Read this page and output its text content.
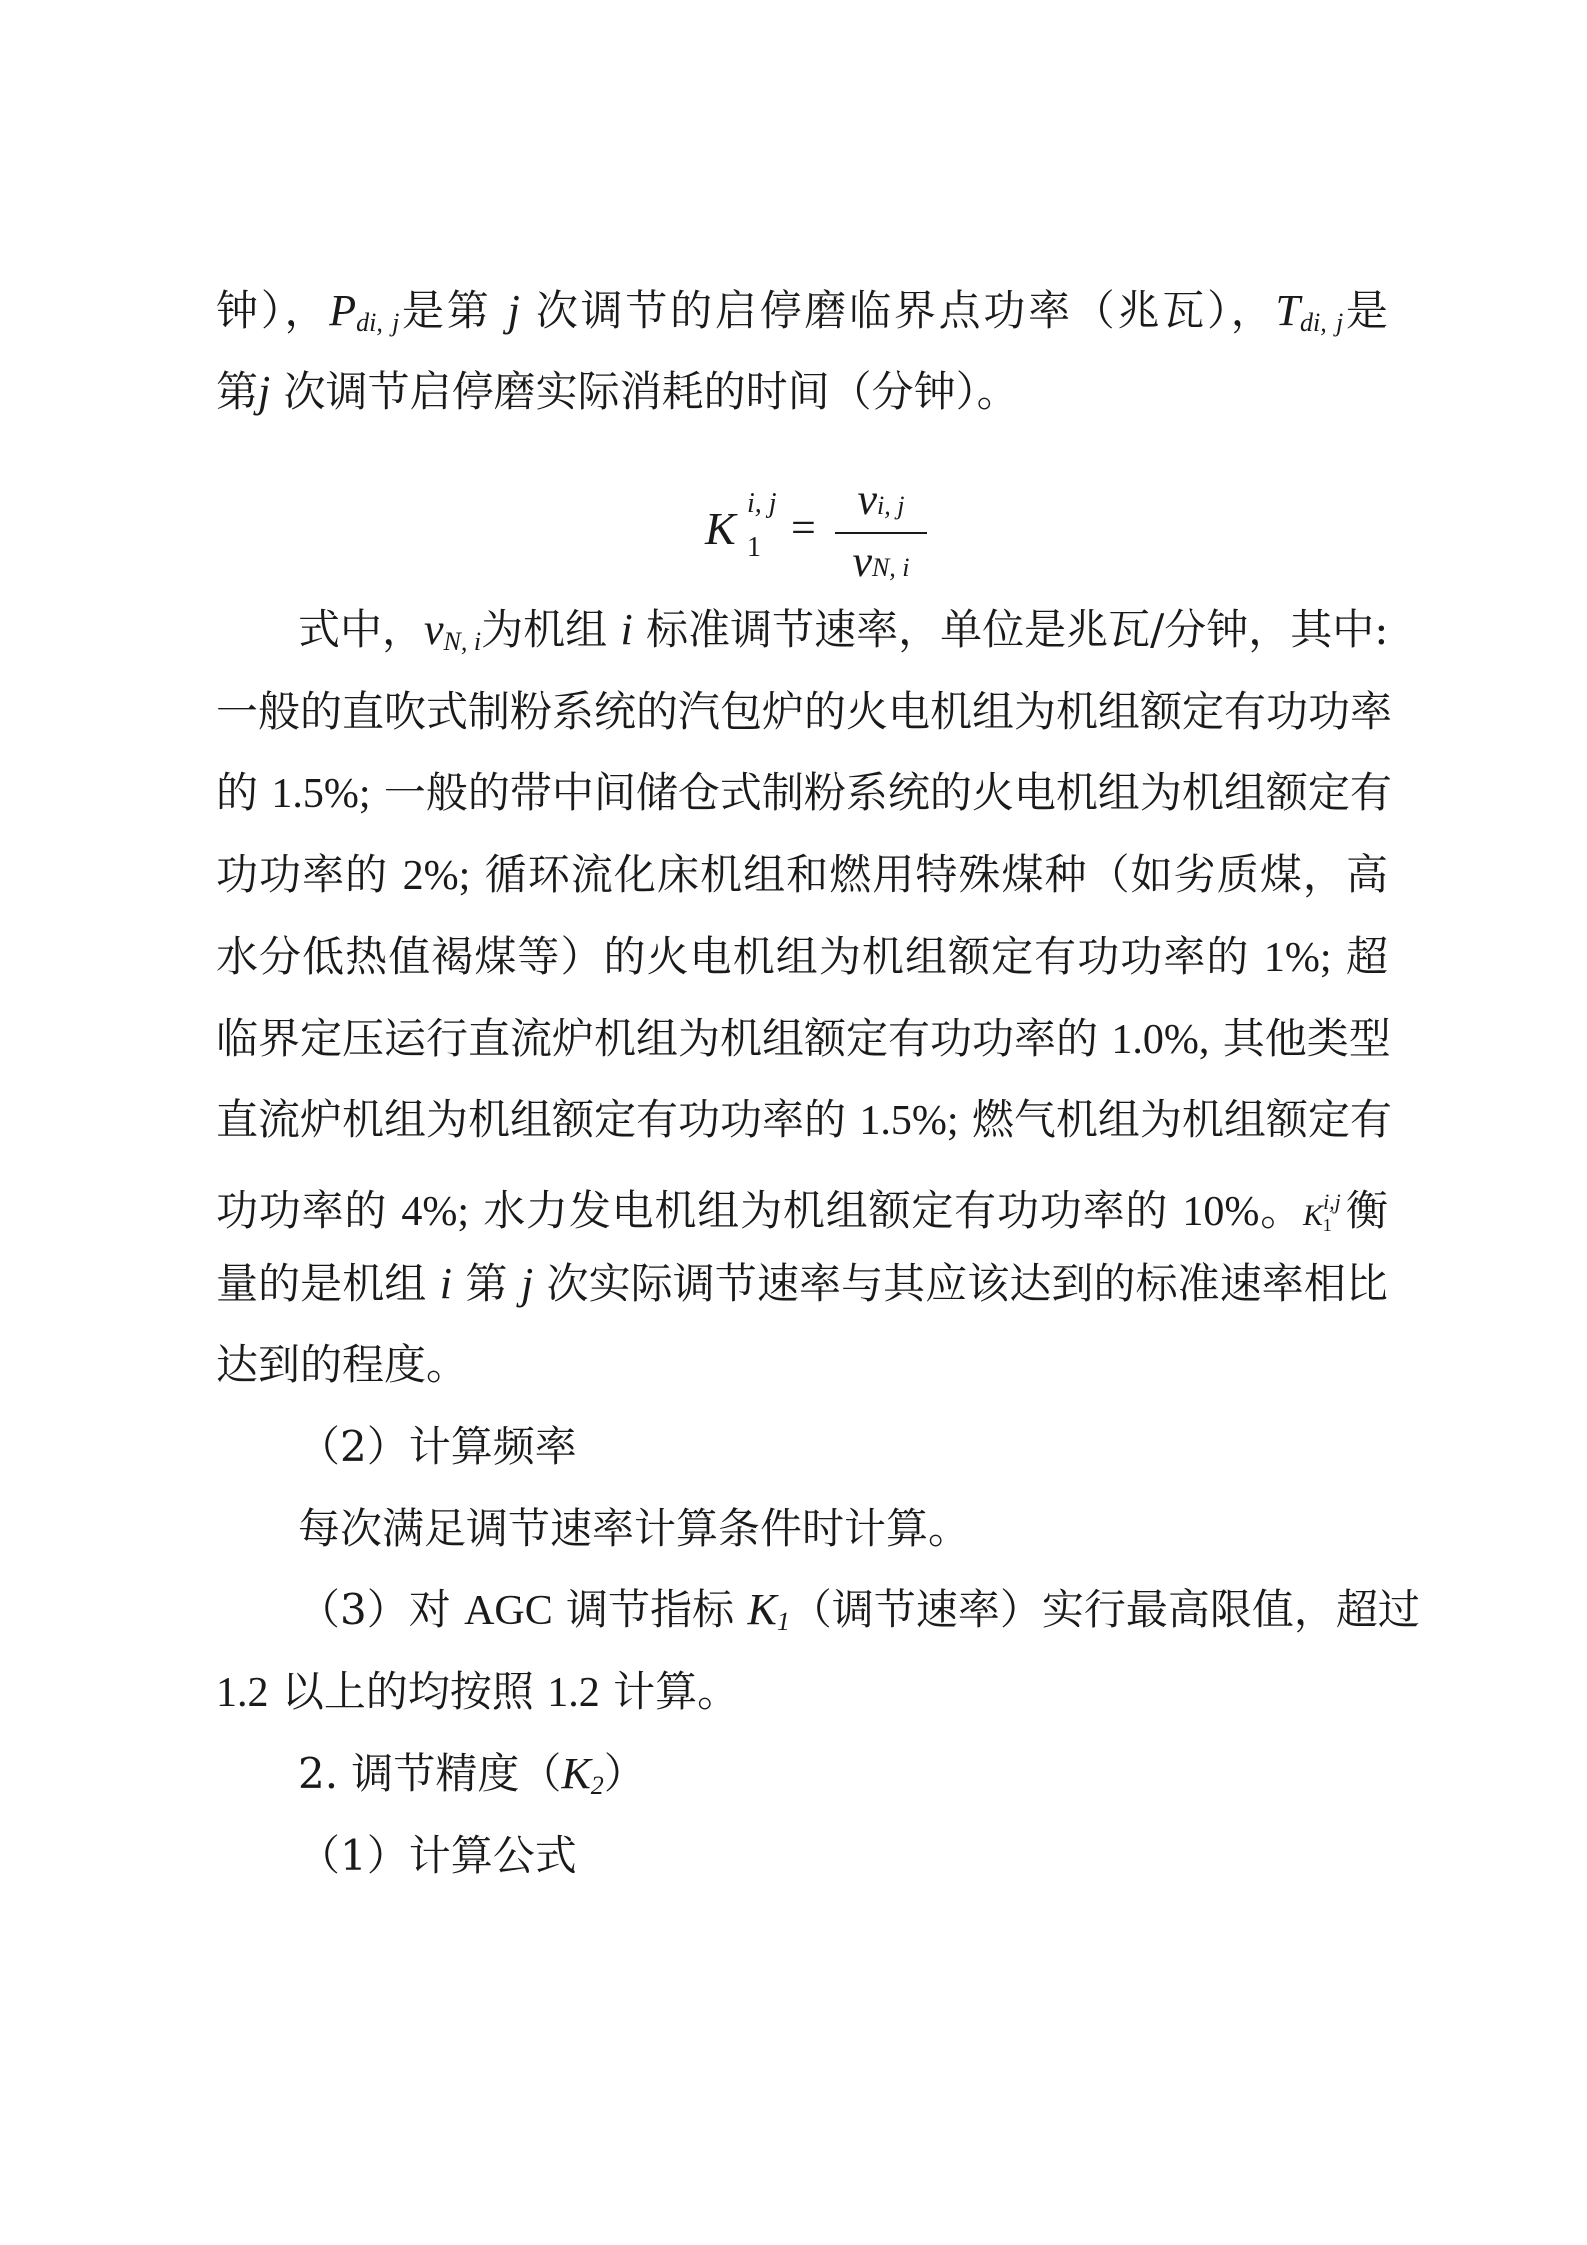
钟），$P_{di, j}$是第 j 次调节的启停磨临界点功率（兆瓦），$T_{di, j}$是
第j 次调节启停磨实际消耗的时间（分钟）。
K i, j
1 =
vi, j
vN, i
式中，$v_{N, i}$为机组 i 标准调节速率，单位是兆瓦/分钟，其中:
一般的直吹式制粉系统的汽包炉的火电机组为机组额定有功功率
的 1.5%; 一般的带中间储仓式制粉系统的火电机组为机组额定有
功功率的 2%; 循环流化床机组和燃用特殊煤种（如劣质煤，高
水分低热值褐煤等）的火电机组为机组额定有功功率的 1%; 超
临界定压运行直流炉机组为机组额定有功功率的 1.0%, 其他类型
直流炉机组为机组额定有功功率的 1.5%; 燃气机组为机组额定有
功功率的 4%; 水力发电机组为机组额定有功功率的 10%。K$^{i,j}$1 衡
量的是机组 i 第 j 次实际调节速率与其应该达到的标准速率相比
达到的程度。
（2）计算频率
每次满足调节速率计算条件时计算。
（3）对 AGC 调节指标 K1（调节速率）实行最高限值，超过
1.2 以上的均按照 1.2 计算。
2. 调节精度（K2）
（1）计算公式
